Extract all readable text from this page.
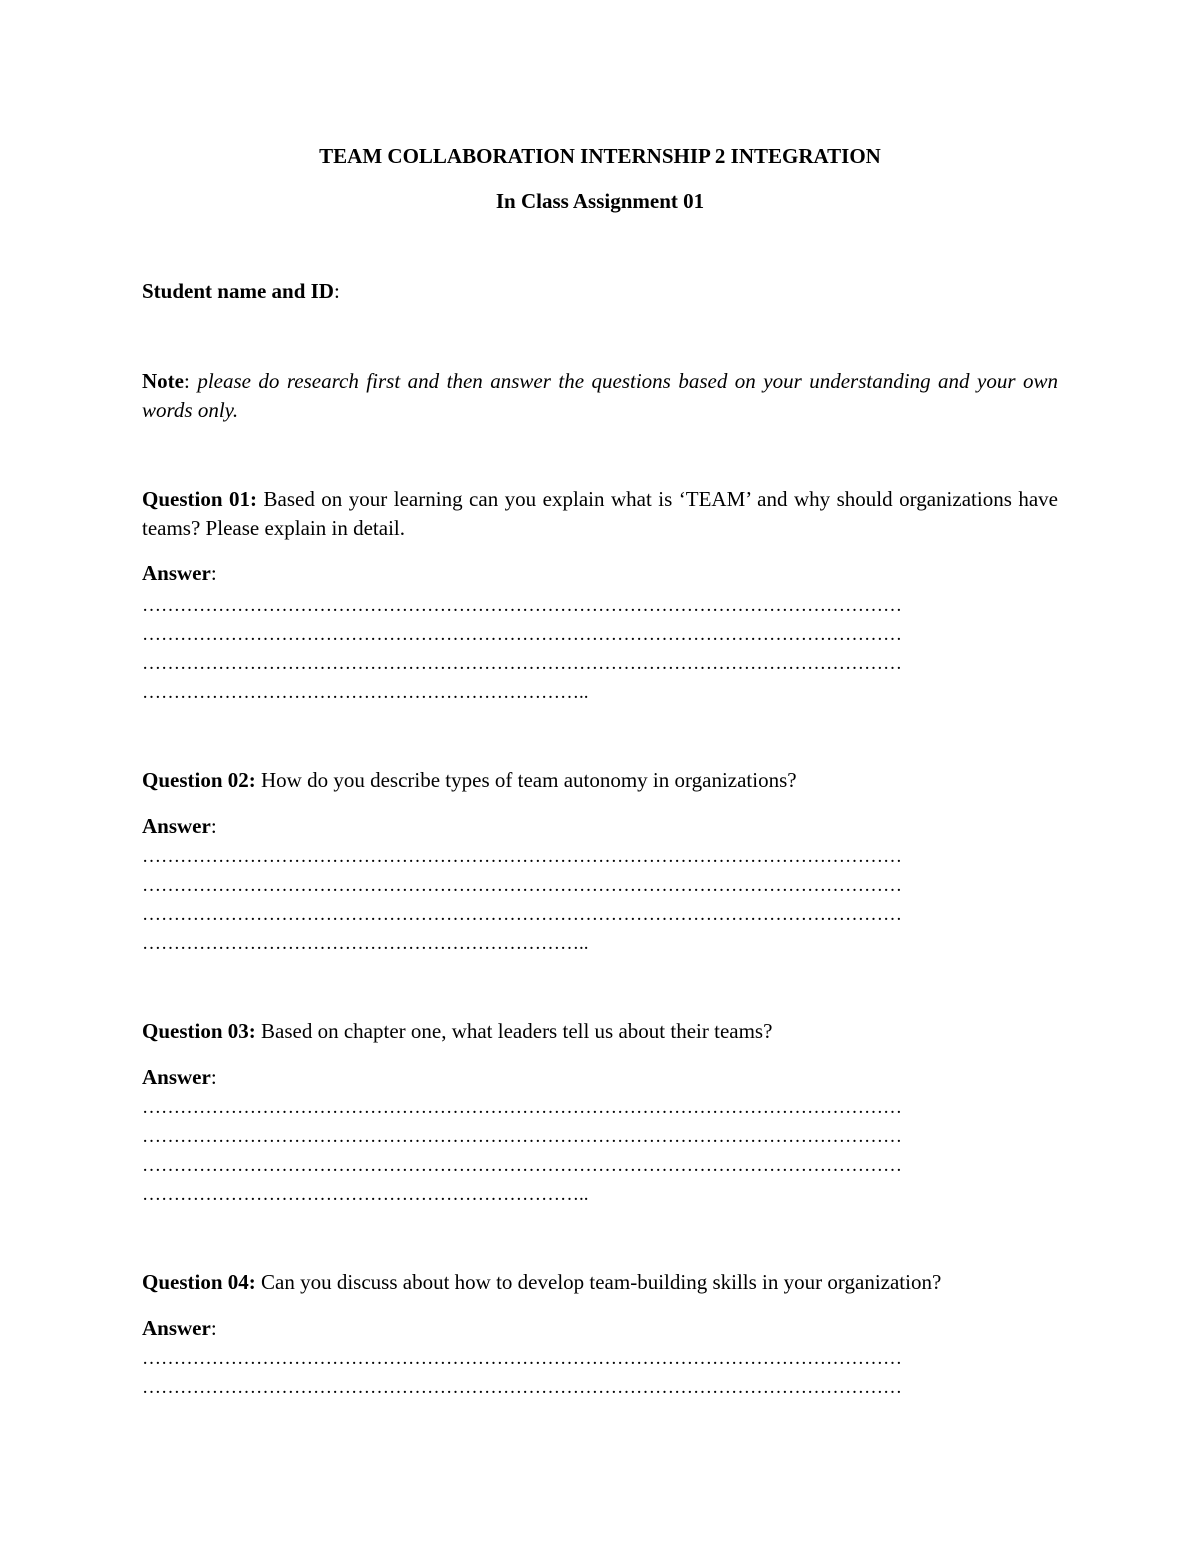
TEAM COLLABORATION INTERNSHIP 2 INTEGRATION
In Class Assignment 01
Student name and ID:
Note: please do research first and then answer the questions based on your understanding and your own words only.
Question 01: Based on your learning can you explain what is ‘TEAM’ and why should organizations have teams? Please explain in detail.
Answer:
…………………………………………………………………………………………………………
…………………………………………………………………………………………………………
…………………………………………………………………………………………………………
……………………………………………………………..
Question 02: How do you describe types of team autonomy in organizations?
Answer:
…………………………………………………………………………………………………………
…………………………………………………………………………………………………………
…………………………………………………………………………………………………………
……………………………………………………………..
Question 03: Based on chapter one, what leaders tell us about their teams?
Answer:
…………………………………………………………………………………………………………
…………………………………………………………………………………………………………
…………………………………………………………………………………………………………
……………………………………………………………..
Question 04: Can you discuss about how to develop team-building skills in your organization?
Answer:
…………………………………………………………………………………………………………
…………………………………………………………………………………………………………
